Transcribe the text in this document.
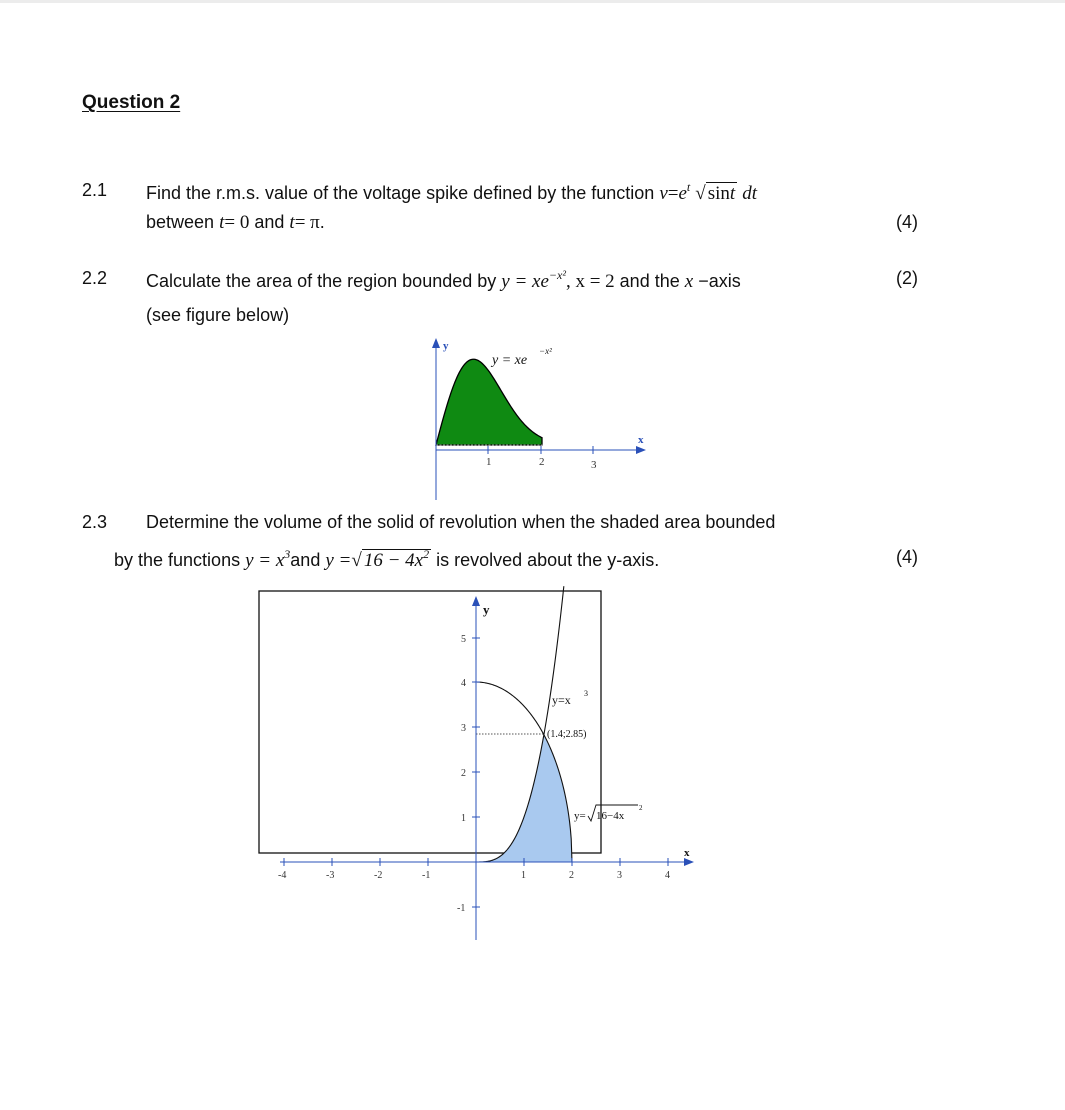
Question 2
2.1 Find the r.m.s. value of the voltage spike defined by the function $v=e^t$ √ sint dt
between t= 0 and t= π.	(4)
2.2 Calculate the area of the region bounded by $y = xe^{-x^2}$, x = 2 and the x −axis	(2)
(see figure below)
1	2	3
y
x
y = xe
−x²
2.3 Determine the volume of the solid of revolution when the shaded area bounded
by the functions $y = x^3and$ y =√ $16 - 4x^2$ is revolved about the y-axis.	(4)
-4	-3	-2	-1	1	2	3	4
5
4
3
2
1
-1
y
x
y=x 3
(1.4;2.85)
y= 16−4x
2
